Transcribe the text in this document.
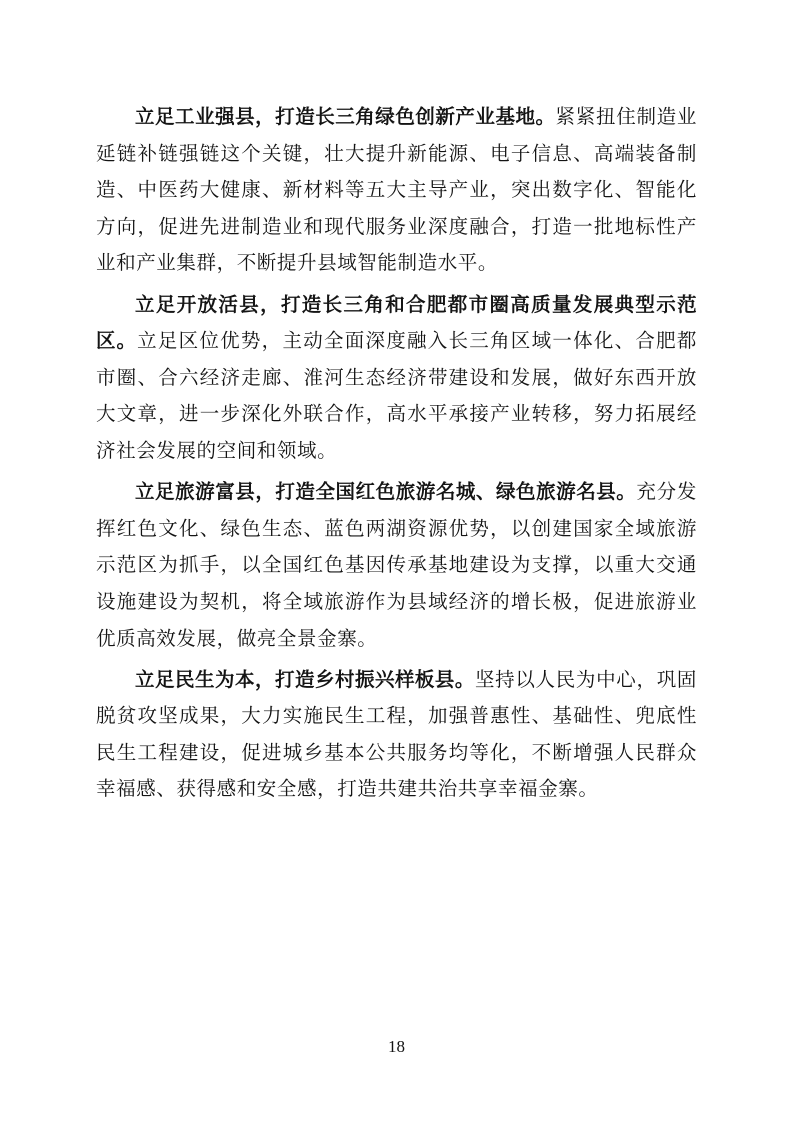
立足工业强县，打造长三角绿色创新产业基地。紧紧扭住制造业延链补链强链这个关键，壮大提升新能源、电子信息、高端装备制造、中医药大健康、新材料等五大主导产业，突出数字化、智能化方向，促进先进制造业和现代服务业深度融合，打造一批地标性产业和产业集群，不断提升县域智能制造水平。

立足开放活县，打造长三角和合肥都市圈高质量发展典型示范区。立足区位优势，主动全面深度融入长三角区域一体化、合肥都市圈、合六经济走廊、淮河生态经济带建设和发展，做好东西开放大文章，进一步深化外联合作，高水平承接产业转移，努力拓展经济社会发展的空间和领域。

立足旅游富县，打造全国红色旅游名城、绿色旅游名县。充分发挥红色文化、绿色生态、蓝色两湖资源优势，以创建国家全域旅游示范区为抓手，以全国红色基因传承基地建设为支撑，以重大交通设施建设为契机，将全域旅游作为县域经济的增长极，促进旅游业优质高效发展，做亮全景金寨。

立足民生为本，打造乡村振兴样板县。坚持以人民为中心，巩固脱贫攻坚成果，大力实施民生工程，加强普惠性、基础性、兜底性民生工程建设，促进城乡基本公共服务均等化，不断增强人民群众幸福感、获得感和安全感，打造共建共治共享幸福金寨。

18
